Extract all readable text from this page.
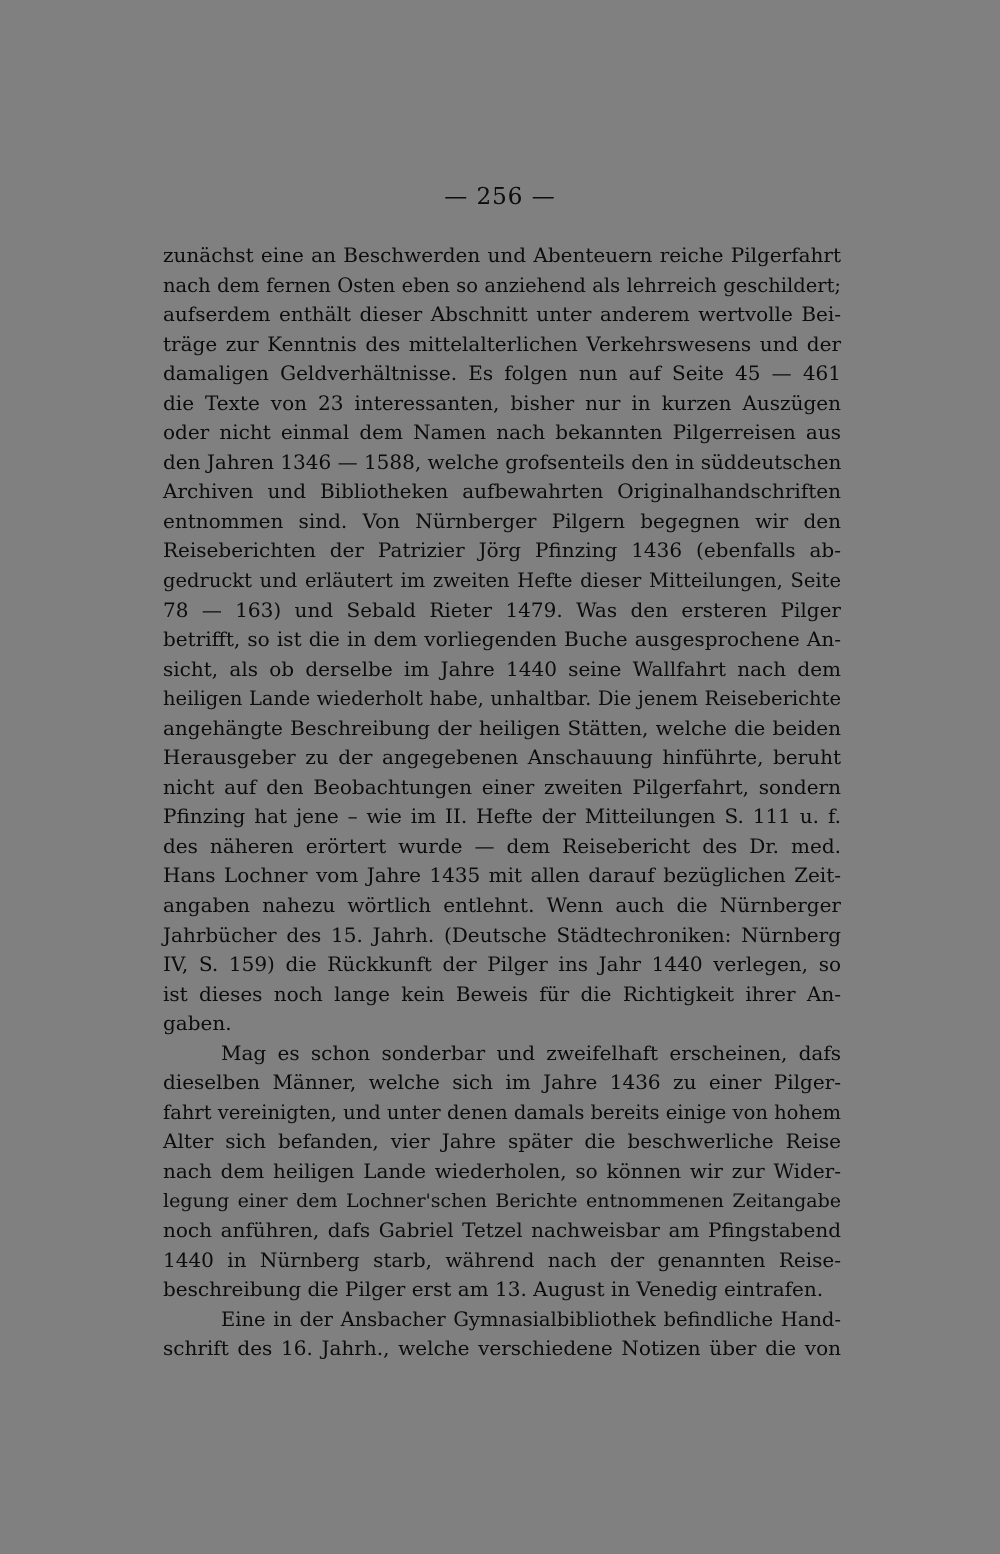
— 256 —
zunächst eine an Beschwerden und Abenteuern reiche Pilgerfahrt
nach dem fernen Osten eben so anziehend als lehrreich geschildert;
aufserdem enthält dieser Abschnitt unter anderem wertvolle Bei-
träge zur Kenntnis des mittelalterlichen Verkehrswesens und der
damaligen Geldverhältnisse. Es folgen nun auf Seite 45 — 461
die Texte von 23 interessanten, bisher nur in kurzen Auszügen
oder nicht einmal dem Namen nach bekannten Pilgerreisen aus
den Jahren 1346 — 1588, welche grofsenteils den in süddeutschen
Archiven und Bibliotheken aufbewahrten Originalhandschriften
entnommen sind. Von Nürnberger Pilgern begegnen wir den
Reiseberichten der Patrizier Jörg Pfinzing 1436 (ebenfalls ab-
gedruckt und erläutert im zweiten Hefte dieser Mitteilungen, Seite
78 — 163) und Sebald Rieter 1479. Was den ersteren Pilger
betrifft, so ist die in dem vorliegenden Buche ausgesprochene An-
sicht, als ob derselbe im Jahre 1440 seine Wallfahrt nach dem
heiligen Lande wiederholt habe, unhaltbar. Die jenem Reiseberichte
angehängte Beschreibung der heiligen Stätten, welche die beiden
Herausgeber zu der angegebenen Anschauung hinführte, beruht
nicht auf den Beobachtungen einer zweiten Pilgerfahrt, sondern
Pfinzing hat jene – wie im II. Hefte der Mitteilungen S. 111 u. f.
des näheren erörtert wurde — dem Reisebericht des Dr. med.
Hans Lochner vom Jahre 1435 mit allen darauf bezüglichen Zeit-
angaben nahezu wörtlich entlehnt. Wenn auch die Nürnberger
Jahrbücher des 15. Jahrh. (Deutsche Städtechroniken: Nürnberg
IV, S. 159) die Rückkunft der Pilger ins Jahr 1440 verlegen, so
ist dieses noch lange kein Beweis für die Richtigkeit ihrer An-
gaben.
Mag es schon sonderbar und zweifelhaft erscheinen, dafs
dieselben Männer, welche sich im Jahre 1436 zu einer Pilger-
fahrt vereinigten, und unter denen damals bereits einige von hohem
Alter sich befanden, vier Jahre später die beschwerliche Reise
nach dem heiligen Lande wiederholen, so können wir zur Wider-
legung einer dem Lochner'schen Berichte entnommenen Zeitangabe
noch anführen, dafs Gabriel Tetzel nachweisbar am Pfingstabend
1440 in Nürnberg starb, während nach der genannten Reise-
beschreibung die Pilger erst am 13. August in Venedig eintrafen.
Eine in der Ansbacher Gymnasialbibliothek befindliche Hand-
schrift des 16. Jahrh., welche verschiedene Notizen über die von
